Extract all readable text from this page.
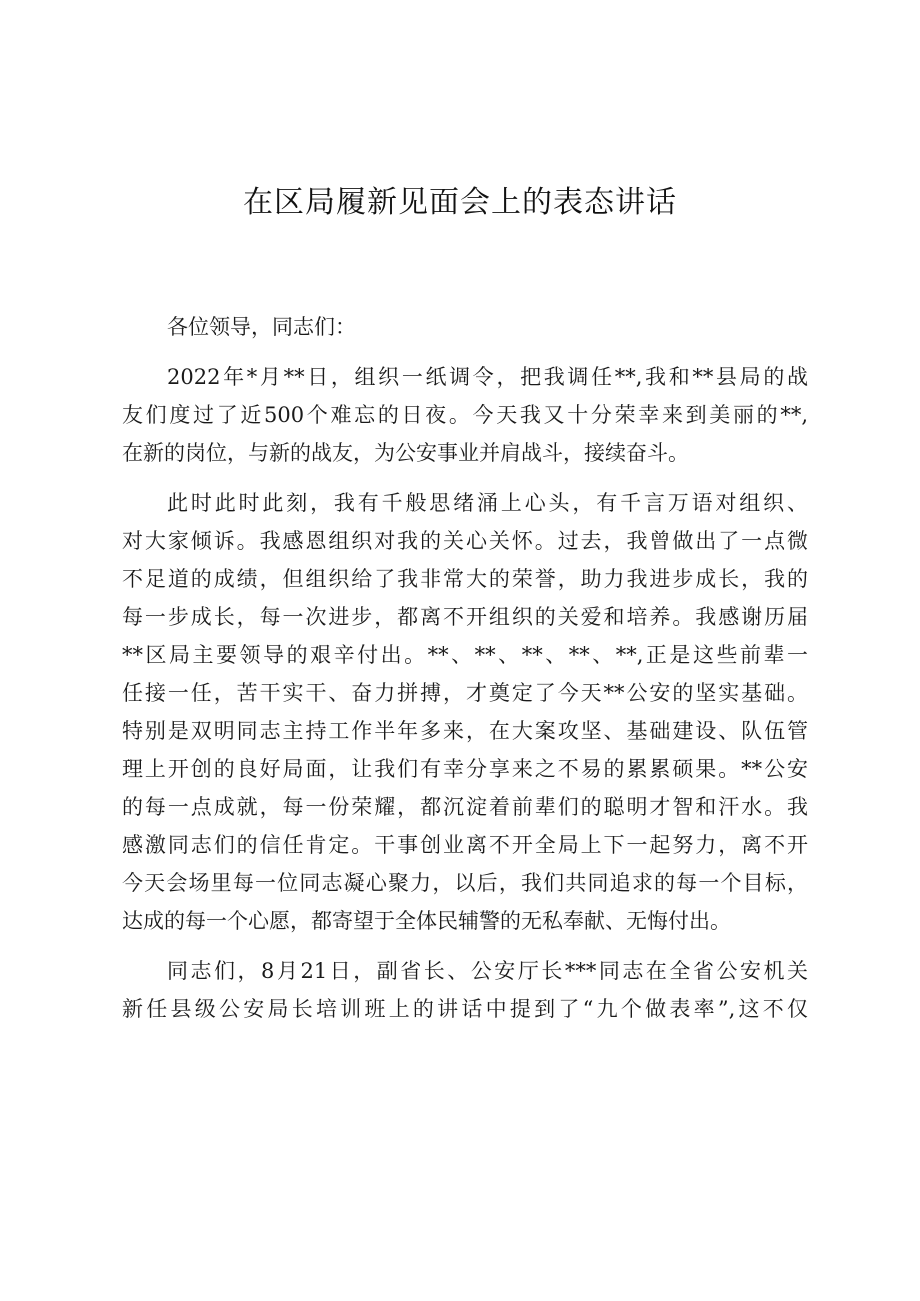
在区局履新见面会上的表态讲话
各位领导，同志们：
2022年*月**日，组织一纸调令，把我调任**,我和**县局的战
友们度过了近500个难忘的日夜。今天我又十分荣幸来到美丽的**,
在新的岗位，与新的战友，为公安事业并肩战斗，接续奋斗。
此时此时此刻，我有千般思绪涌上心头，有千言万语对组织、
对大家倾诉。我感恩组织对我的关心关怀。过去，我曾做出了一点微
不足道的成绩，但组织给了我非常大的荣誉，助力我进步成长，我的
每一步成长，每一次进步，都离不开组织的关爱和培养。我感谢历届
**区局主要领导的艰辛付出。**、**、**、**、**,正是这些前辈一
任接一任，苦干实干、奋力拼搏，才奠定了今天**公安的坚实基础。
特别是双明同志主持工作半年多来，在大案攻坚、基础建设、队伍管
理上开创的良好局面，让我们有幸分享来之不易的累累硕果。**公安
的每一点成就，每一份荣耀，都沉淀着前辈们的聪明才智和汗水。我
感激同志们的信任肯定。干事创业离不开全局上下一起努力，离不开
今天会场里每一位同志凝心聚力，以后，我们共同追求的每一个目标，
达成的每一个心愿，都寄望于全体民辅警的无私奉献、无悔付出。
同志们，8月21日，副省长、公安厅长***同志在全省公安机关
新任县级公安局长培训班上的讲话中提到了“九个做表率”,这不仅
